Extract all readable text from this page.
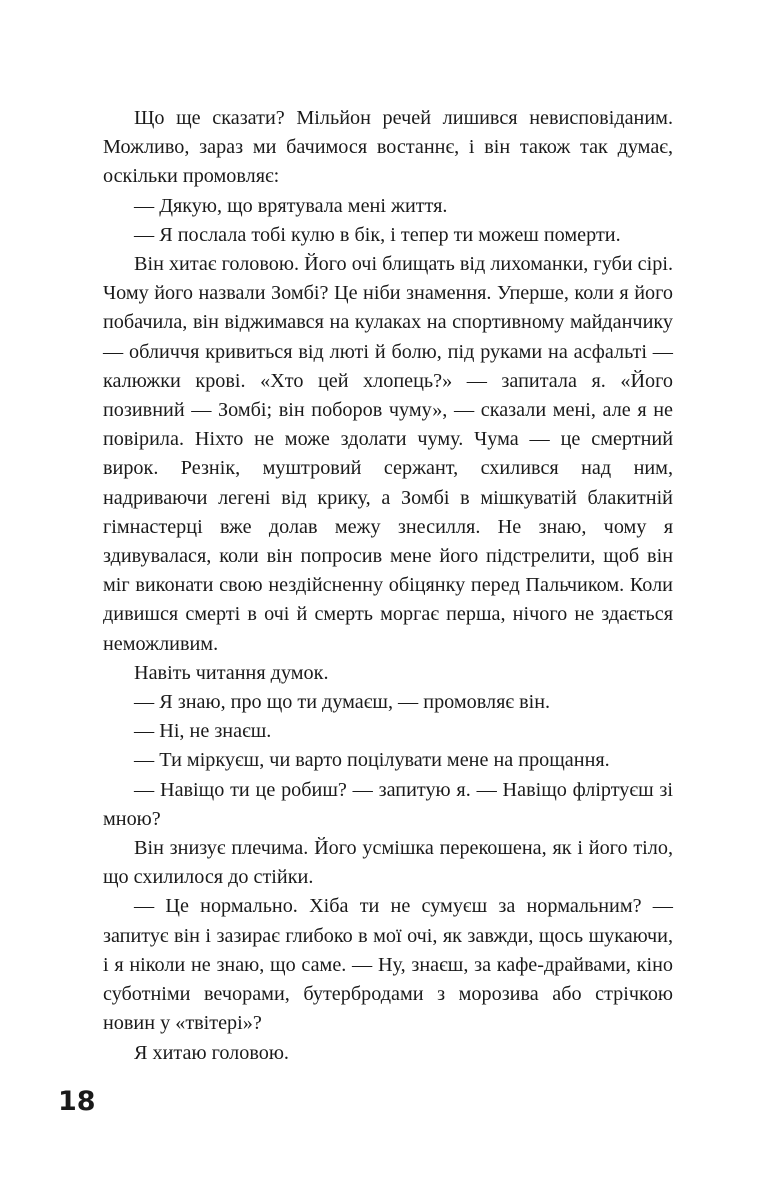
Що ще сказати? Мільйон речей лишився невисповіданим. Можливо, зараз ми бачимося востаннє, і він також так думає, оскільки промовляє:

— Дякую, що врятувала мені життя.

— Я послала тобі кулю в бік, і тепер ти можеш померти.

Він хитає головою. Його очі блищать від лихоманки, губи сірі. Чому його назвали Зомбі? Це ніби знамення. Уперше, коли я його побачила, він віджимався на кулаках на спортивному майданчику — обличчя кривиться від люті й болю, під руками на асфальті — калюжки крові. «Хто цей хлопець?» — запитала я. «Його позивний — Зомбі; він поборов чуму», — сказали мені, але я не повірила. Ніхто не може здолати чуму. Чума — це смертний вирок. Резнік, муштровий сержант, схилився над ним, надриваючи легені від крику, а Зомбі в мішкуватій блакитній гімнастерці вже долав межу знесилля. Не знаю, чому я здивувалася, коли він попросив мене його підстрелити, щоб він міг виконати свою нездійсненну обіцянку перед Пальчиком. Коли дивишся смерті в очі й смерть моргає перша, нічого не здається неможливим.

Навіть читання думок.

— Я знаю, про що ти думаєш, — промовляє він.

— Ні, не знаєш.

— Ти міркуєш, чи варто поцілувати мене на прощання.

— Навіщо ти це робиш? — запитую я. — Навіщо фліртуєш зі мною?

Він знизує плечима. Його усмішка перекошена, як і його тіло, що схилилося до стійки.

— Це нормально. Хіба ти не сумуєш за нормальним? — запитує він і зазирає глибоко в мої очі, як завжди, щось шукаючи, і я ніколи не знаю, що саме. — Ну, знаєш, за кафе-драйвами, кіно суботніми вечорами, бутербродами з морозива або стрічкою новин у «твітері»?

Я хитаю головою.

18
